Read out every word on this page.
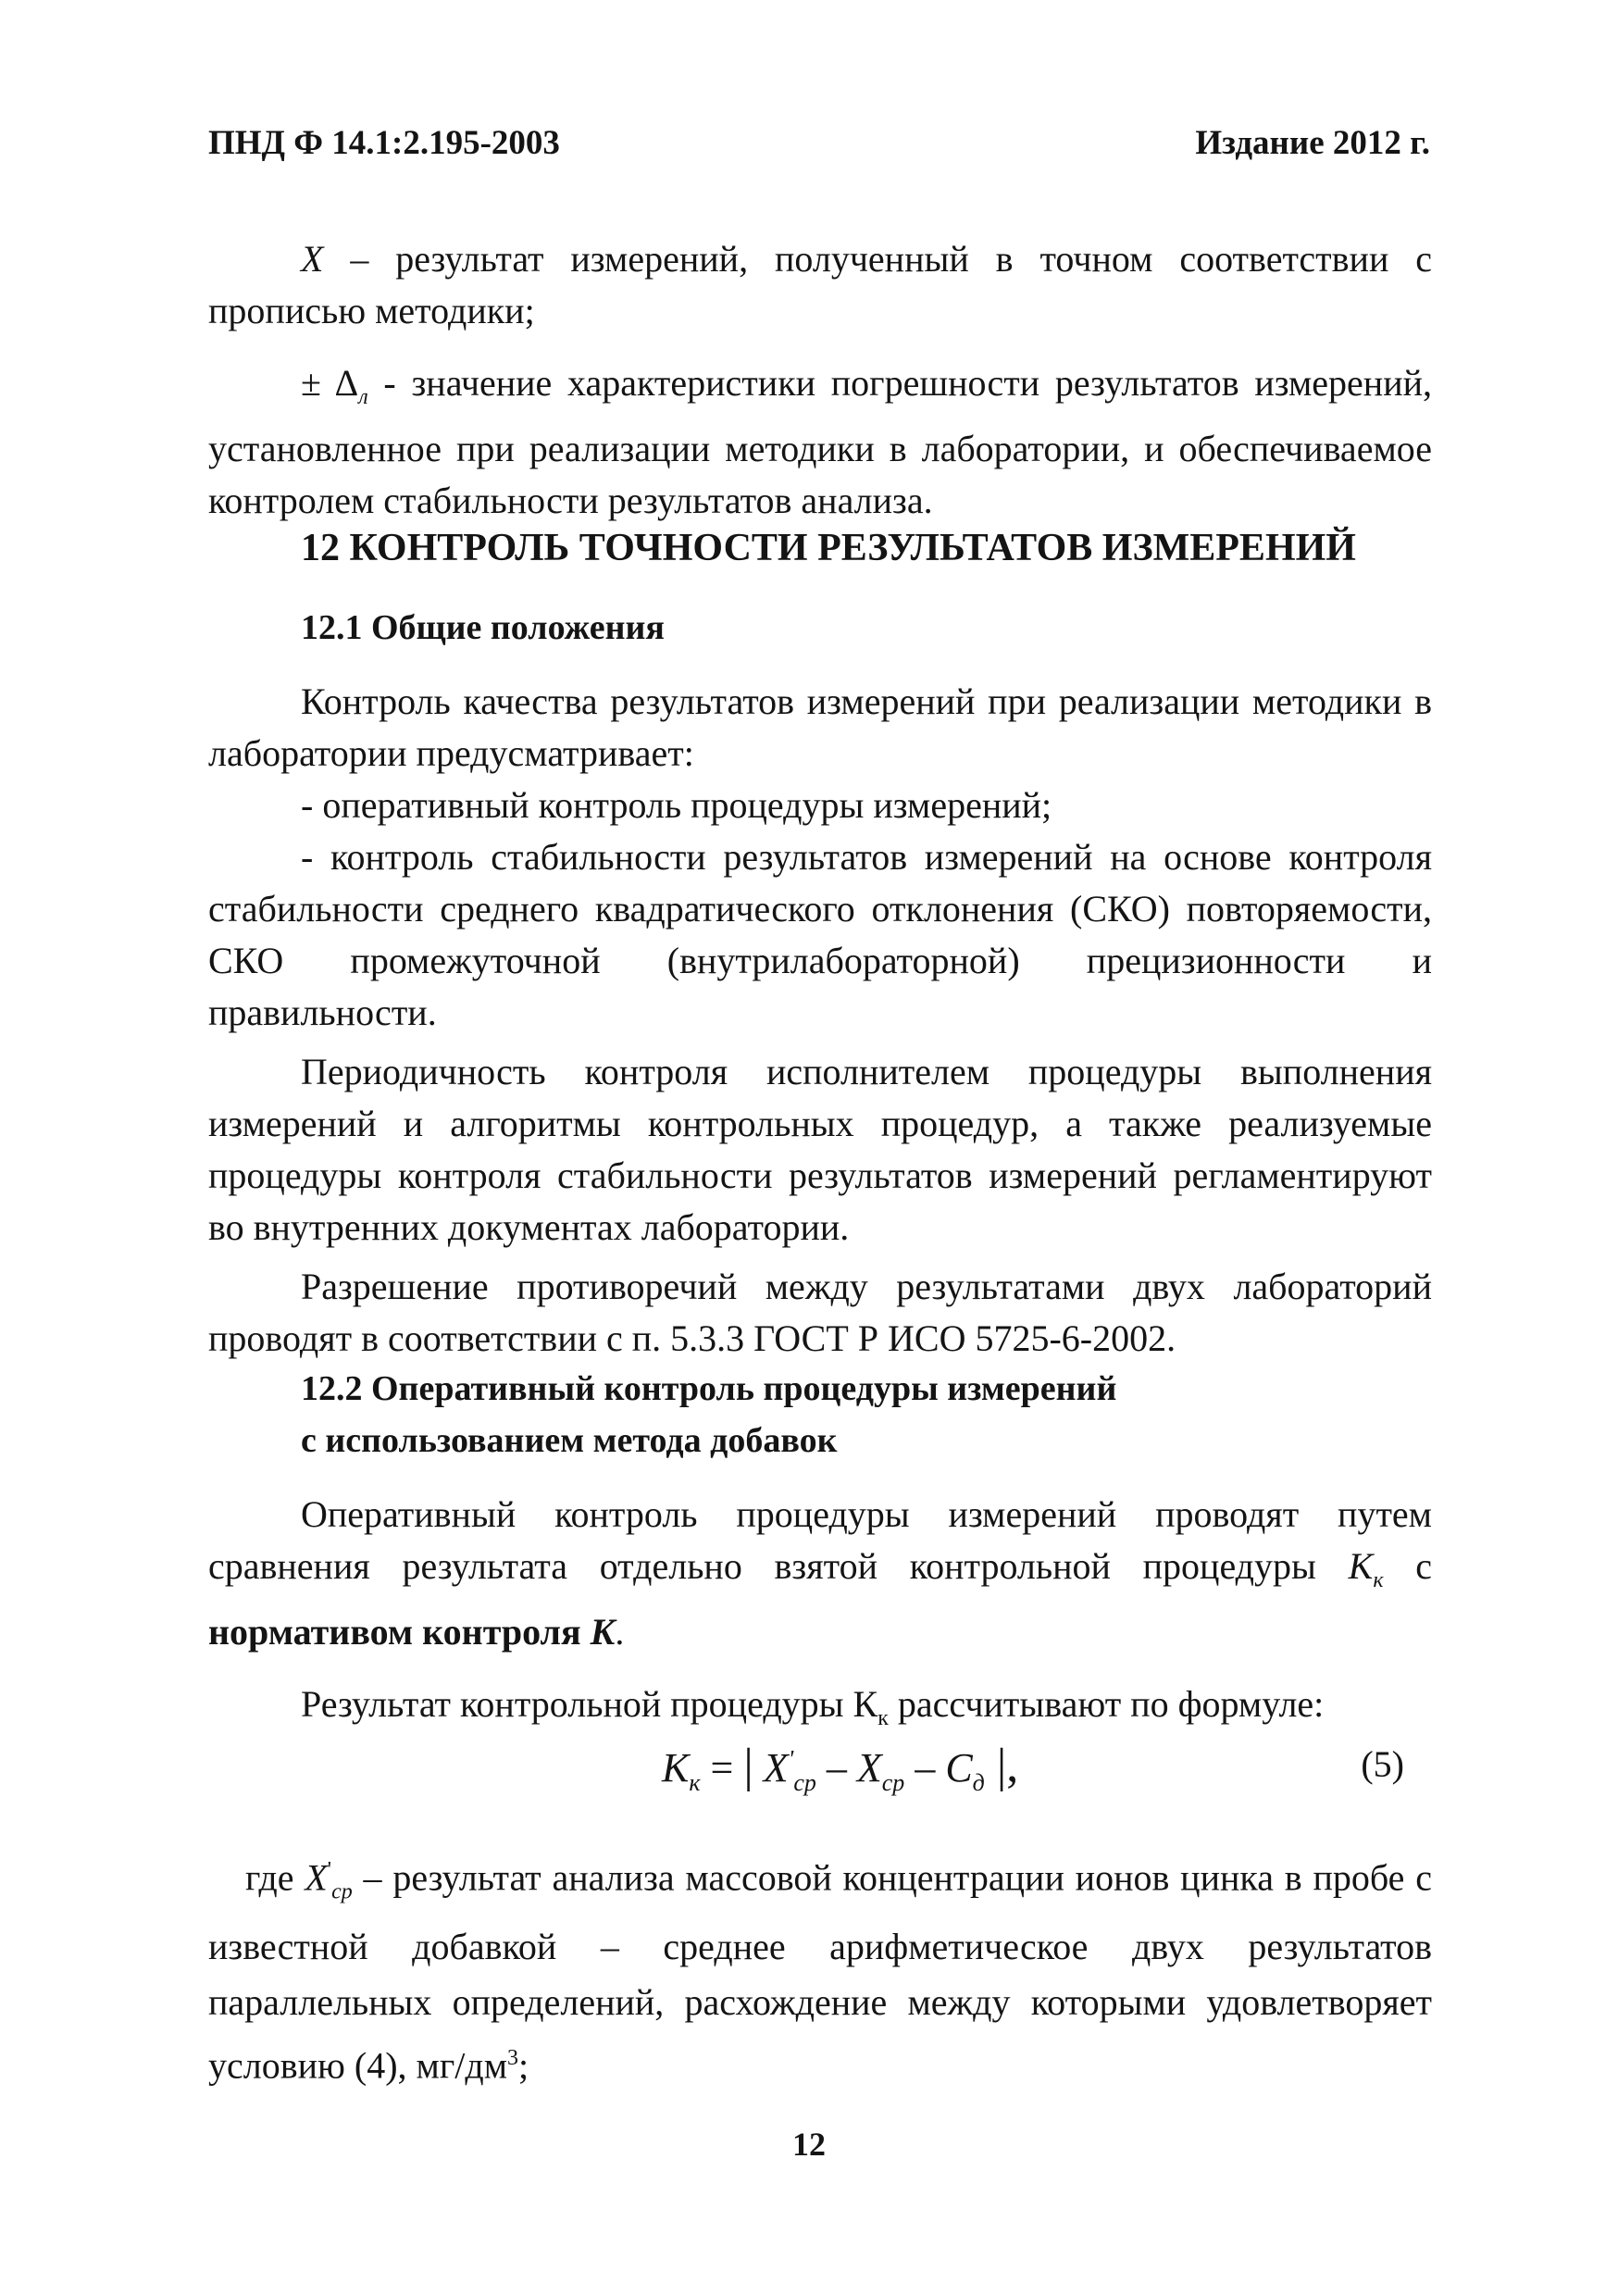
ПНД Ф 14.1:2.195-2003	Издание 2012 г.

X – результат измерений, полученный в точном соответствии с прописью методики;

± $\Delta_л$ - значение характеристики погрешности результатов измерений, установленное при реализации методики в лаборатории, и обеспечиваемое контролем стабильности результатов анализа.

12 КОНТРОЛЬ ТОЧНОСТИ РЕЗУЛЬТАТОВ ИЗМЕРЕНИЙ
12.1 Общие положения

Контроль качества результатов измерений при реализации методики в лаборатории предусматривает:

- оперативный контроль процедуры измерений;

- контроль стабильности результатов измерений на основе контроля стабильности среднего квадратического отклонения (СКО) повторяемости, СКО промежуточной (внутрилабораторной) прецизионности и правильности.

Периодичность контроля исполнителем процедуры выполнения измерений и алгоритмы контрольных процедур, а также реализуемые процедуры контроля стабильности результатов измерений регламентируют во внутренних документах лаборатории.

Разрешение противоречий между результатами двух лабораторий проводят в соответствии с п. 5.3.3 ГОСТ Р ИСО 5725-6-2002.

12.2 Оперативный контроль процедуры измерений
с использованием метода добавок

Оперативный контроль процедуры измерений проводят путем сравнения результата отдельно взятой контрольной процедуры $K_к$ с нормативом контроля K.

Результат контрольной процедуры $К_к$ рассчитывают по формуле:

$K_к$ = | $X'_{ср} - X_{ср} - C_д$ |,	(5)

где $X'_{ср}$ – результат анализа массовой концентрации ионов цинка в пробе с известной добавкой – среднее арифметическое двух результатов параллельных определений, расхождение между которыми удовлетворяет условию (4), $мг/дм^3$;

12
